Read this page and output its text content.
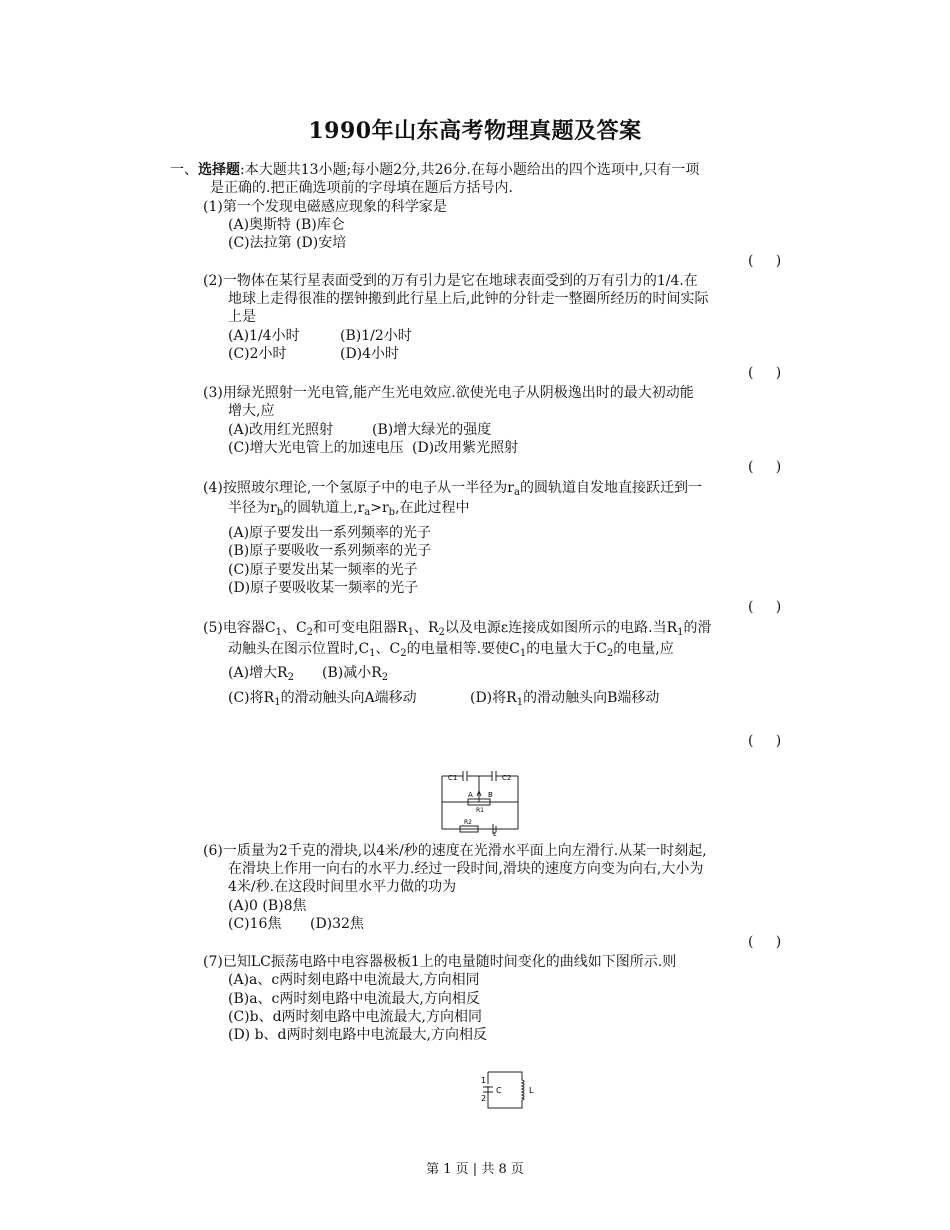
1990年山东高考物理真题及答案
一、选择题:本大题共13小题;每小题2分,共26分.在每小题给出的四个选项中,只有一项
是正确的.把正确选项前的字母填在题后方括号内.
(1)第一个发现电磁感应现象的科学家是
(A)奥斯特 (B)库仑
(C)法拉第 (D)安培
(     )
(2)一物体在某行星表面受到的万有引力是它在地球表面受到的万有引力的1/4.在
地球上走得很准的摆钟搬到此行星上后,此钟的分针走一整圈所经历的时间实际
上是
(A)1/4小时	(B)1/2小时
(C)2小时	(D)4小时
(     )
(3)用绿光照射一光电管,能产生光电效应.欲使光电子从阴极逸出时的最大初动能
增大,应
(A)改用红光照射	(B)增大绿光的强度
(C)增大光电管上的加速电压 (D)改用紫光照射
(     )
(4)按照玻尔理论,一个氢原子中的电子从一半径为$r_a$的圆轨道自发地直接跃迁到一
半径为$r_b$的圆轨道上$,r_a>r_b$,在此过程中
(A)原子要发出一系列频率的光子
(B)原子要吸收一系列频率的光子
(C)原子要发出某一频率的光子
(D)原子要吸收某一频率的光子
(     )
(5)电容器$C_1$、$C_2$和可变电阻器$R_1$、$R_2$以及电源ε连接成如图所示的电路.当$R_1$的滑
动触头在图示位置时$,C_1$、$C_2$的电量相等.要使$C_1$的电量大于$C_2$的电量,应
(A)增大$R_2$ (B)减小$R_2$
(C)将$R_1$的滑动触头向A端移动	(D)将$R_1$的滑动触头向B端移动
(     )
C1	C2
A B
R1
R2
ε
(6)一质量为2千克的滑块,以4米/秒的速度在光滑水平面上向左滑行.从某一时刻起,
在滑块上作用一向右的水平力.经过一段时间,滑块的速度方向变为向右,大小为
4米/秒.在这段时间里水平力做的功为
(A)0 (B)8焦
(C)16焦 (D)32焦
(     )
(7)已知LC振荡电路中电容器极板1上的电量随时间变化的曲线如下图所示.则
(A)a、c两时刻电路中电流最大,方向相同
(B)a、c两时刻电路中电流最大,方向相反
(C)b、d两时刻电路中电流最大,方向相同
(D) b、d两时刻电路中电流最大,方向相反
1
2
C	L
第 1 页 | 共 8 页
